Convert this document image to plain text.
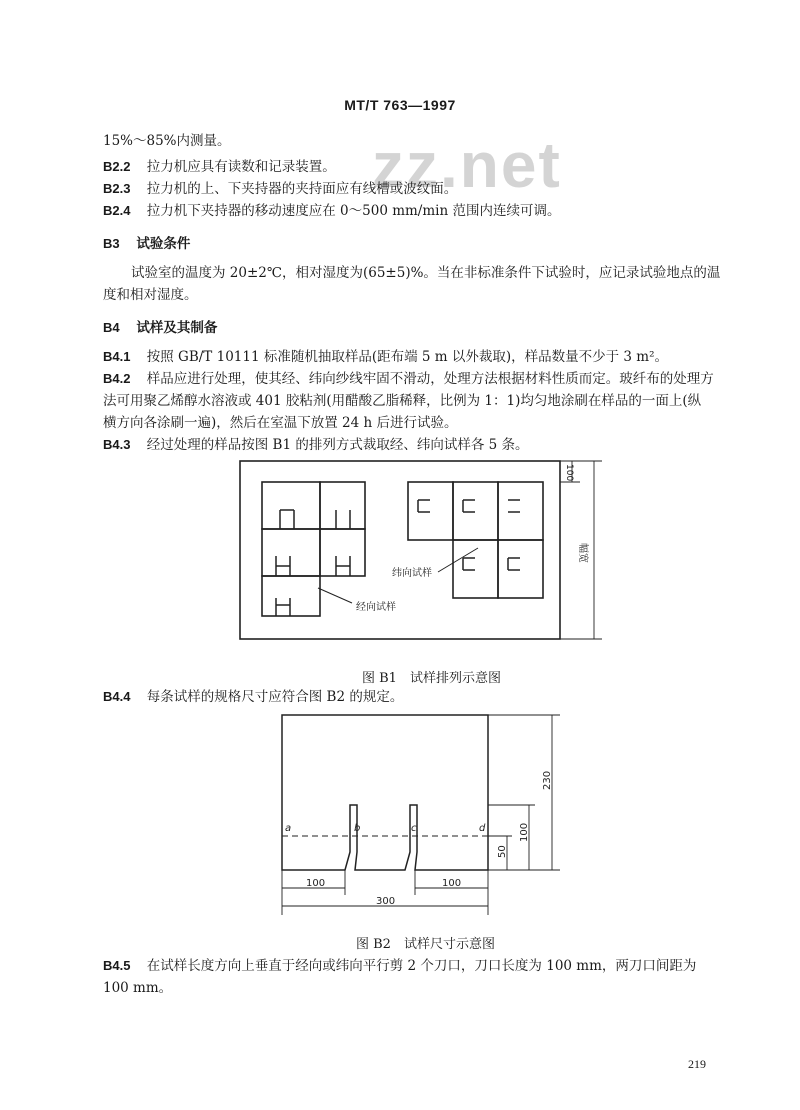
MT/T 763—1997
zz.net
15%～85%内测量。
B2.2 拉力机应具有读数和记录装置。
B2.3 拉力机的上、下夹持器的夹持面应有线槽或波纹面。
B2.4 拉力机下夹持器的移动速度应在 0～500 mm/min 范围内连续可调。
B3 试验条件
试验室的温度为 20±2℃，相对湿度为(65±5)%。当在非标准条件下试验时，应记录试验地点的温
度和相对湿度。
B4 试样及其制备
B4.1 按照 GB/T 10111 标准随机抽取样品(距布端 5 m 以外裁取)，样品数量不少于 3 m²。
B4.2 样品应进行处理，使其经、纬向纱线牢固不滑动，处理方法根据材料性质而定。玻纤布的处理方
法可用聚乙烯醇水溶液或 401 胶粘剂(用醋酸乙脂稀释，比例为 1：1)均匀地涂刷在样品的一面上(纵
横方向各涂刷一遍)，然后在室温下放置 24 h 后进行试验。
B4.3 经过处理的样品按图 B1 的排列方式裁取经、纬向试样各 5 条。
纬向试样
经向试样
100
幅宽
图 B1　试样排列示意图
B4.4 每条试样的规格尺寸应符合图 B2 的规定。
a	b	c	d
230
100
50
100	100
300
图 B2　试样尺寸示意图
B4.5 在试样长度方向上垂直于经向或纬向平行剪 2 个刀口，刀口长度为 100 mm，两刀口间距为
100 mm。
219
